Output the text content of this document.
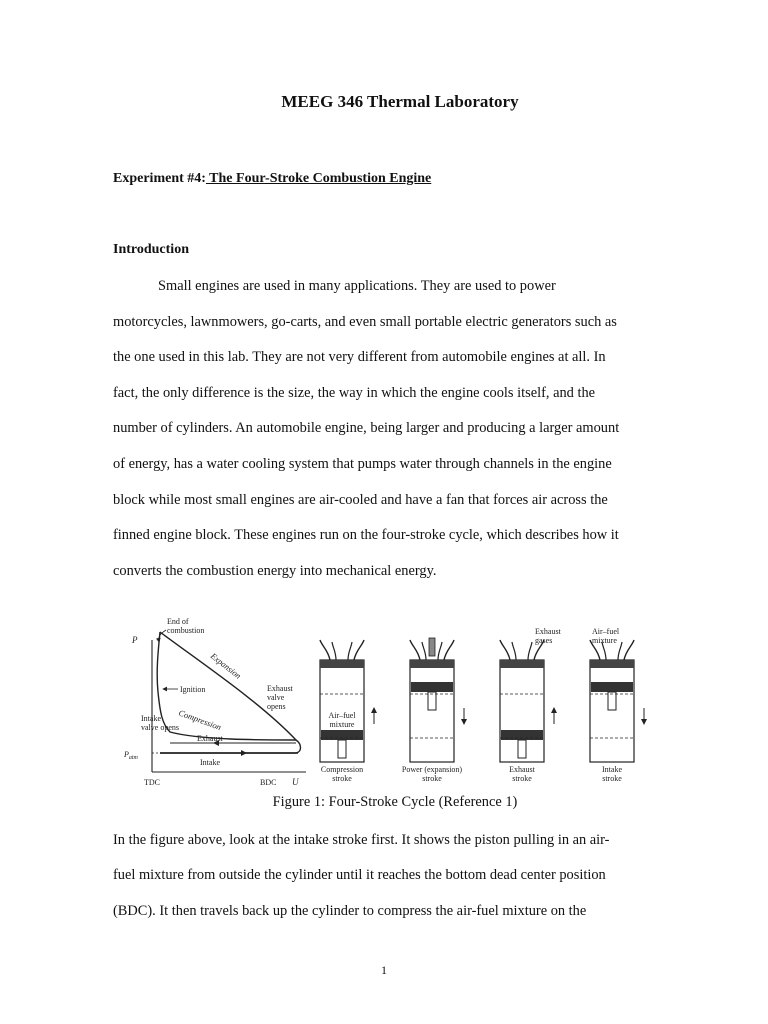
MEEG 346 Thermal Laboratory
Experiment #4: The Four-Stroke Combustion Engine
Introduction
Small engines are used in many applications. They are used to power
motorcycles, lawnmowers, go-carts, and even small portable electric generators such as
the one used in this lab. They are not very different from automobile engines at all. In
fact, the only difference is the size, the way in which the engine cools itself, and the
number of cylinders. An automobile engine, being larger and producing a larger amount
of energy, has a water cooling system that pumps water through channels in the engine
block while most small engines are air-cooled and have a fan that forces air across the
finned engine block. These engines run on the four-stroke cycle, which describes how it
converts the combustion energy into mechanical energy.
P
U
$P_{atm}$
TDC	BDC
End of combustion
Expansion
Ignition	Exhaust valve opens
Compression
Intake valve opens
Exhaust
Intake
Air–fuel mixture
Compression stroke
Power (expansion) stroke
Exhaust stroke
Intake stroke
Exhaust gases
Air–fuel mixture
Figure 1: Four-Stroke Cycle (Reference 1)
In the figure above, look at the intake stroke first. It shows the piston pulling in an air-
fuel mixture from outside the cylinder until it reaches the bottom dead center position
(BDC). It then travels back up the cylinder to compress the air-fuel mixture on the
1
